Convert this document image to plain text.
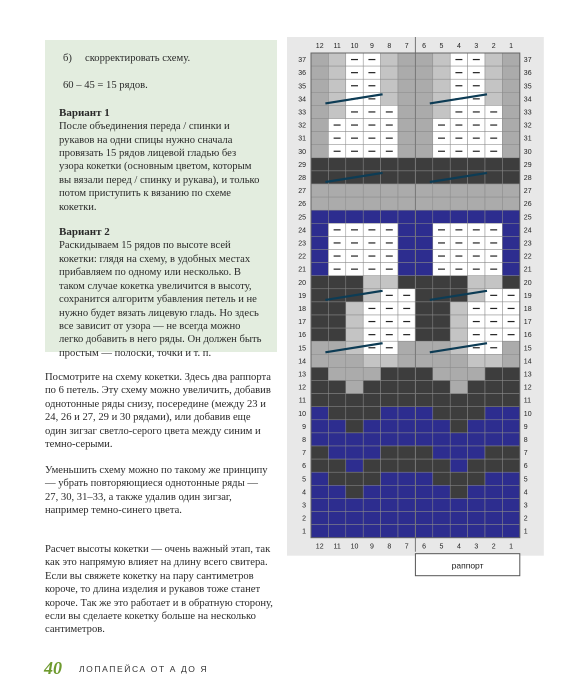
б) скорректировать схему.

60 – 45 = 15 рядов.

Вариант 1

После объединения переда / спинки и рукавов на одни спицы нужно сначала провязать 15 рядов лицевой гладью без узора кокетки (основным цветом, которым вы вязали перед / спинку и рукава), и только потом приступить к вязанию по схеме кокетки.

Вариант 2

Раскидываем 15 рядов по высоте всей кокетки: глядя на схему, в удобных местах прибавляем по одному или несколько. В таком случае кокетка увеличится в высоту, сохранится алгоритм убавления петель и не нужно будет вязать лицевую гладь. Но здесь все зависит от узора — не всегда можно легко добавить в него ряды. Он должен быть простым — полоски, точки и т. п.

Посмотрите на схему кокетки. Здесь два раппорта по 6 петель. Эту схему можно увеличить, добавив однотонные ряды снизу, посередине (между 23 и 24, 26 и 27, 29 и 30 рядами), или добавив еще один зигзаг светло-серого цвета между синим и темно-серыми.

Уменьшить схему можно по такому же принципу — убрать повторяющиеся однотонные ряды — 27, 30, 31–33, а также удалив один зигзаг, например темно-синего цвета.

Расчет высоты кокетки — очень важный этап, так как это напрямую влияет на длину всего свитера. Если вы свяжете кокетку на пару сантиметров короче, то длина изделия и рукавов тоже станет короче. Так же это работает и в обратную сторону, если вы сделаете кокетку больше на несколько сантиметров.

12
12
11
11
10
10
9
9
8
8
7
7
6
6
5
5
4
4
3
3
2
2
1
1
37	37
36	36
35	35
34	34
33	33
32	32
31	31
30	30
29	29
28	28
27	27
26	26
25	25
24	24
23	23
22	22
21	21
20	20
19	19
18	18
17	17
16	16
15	15
14	14
13	13
12	12
11	11
10	10
9	9
8	8
7	7
6	6
5	5
4	4
3	3
2	2
1	1
раппорт
40 ЛОПАПЕЙСА ОТ А ДО Я
